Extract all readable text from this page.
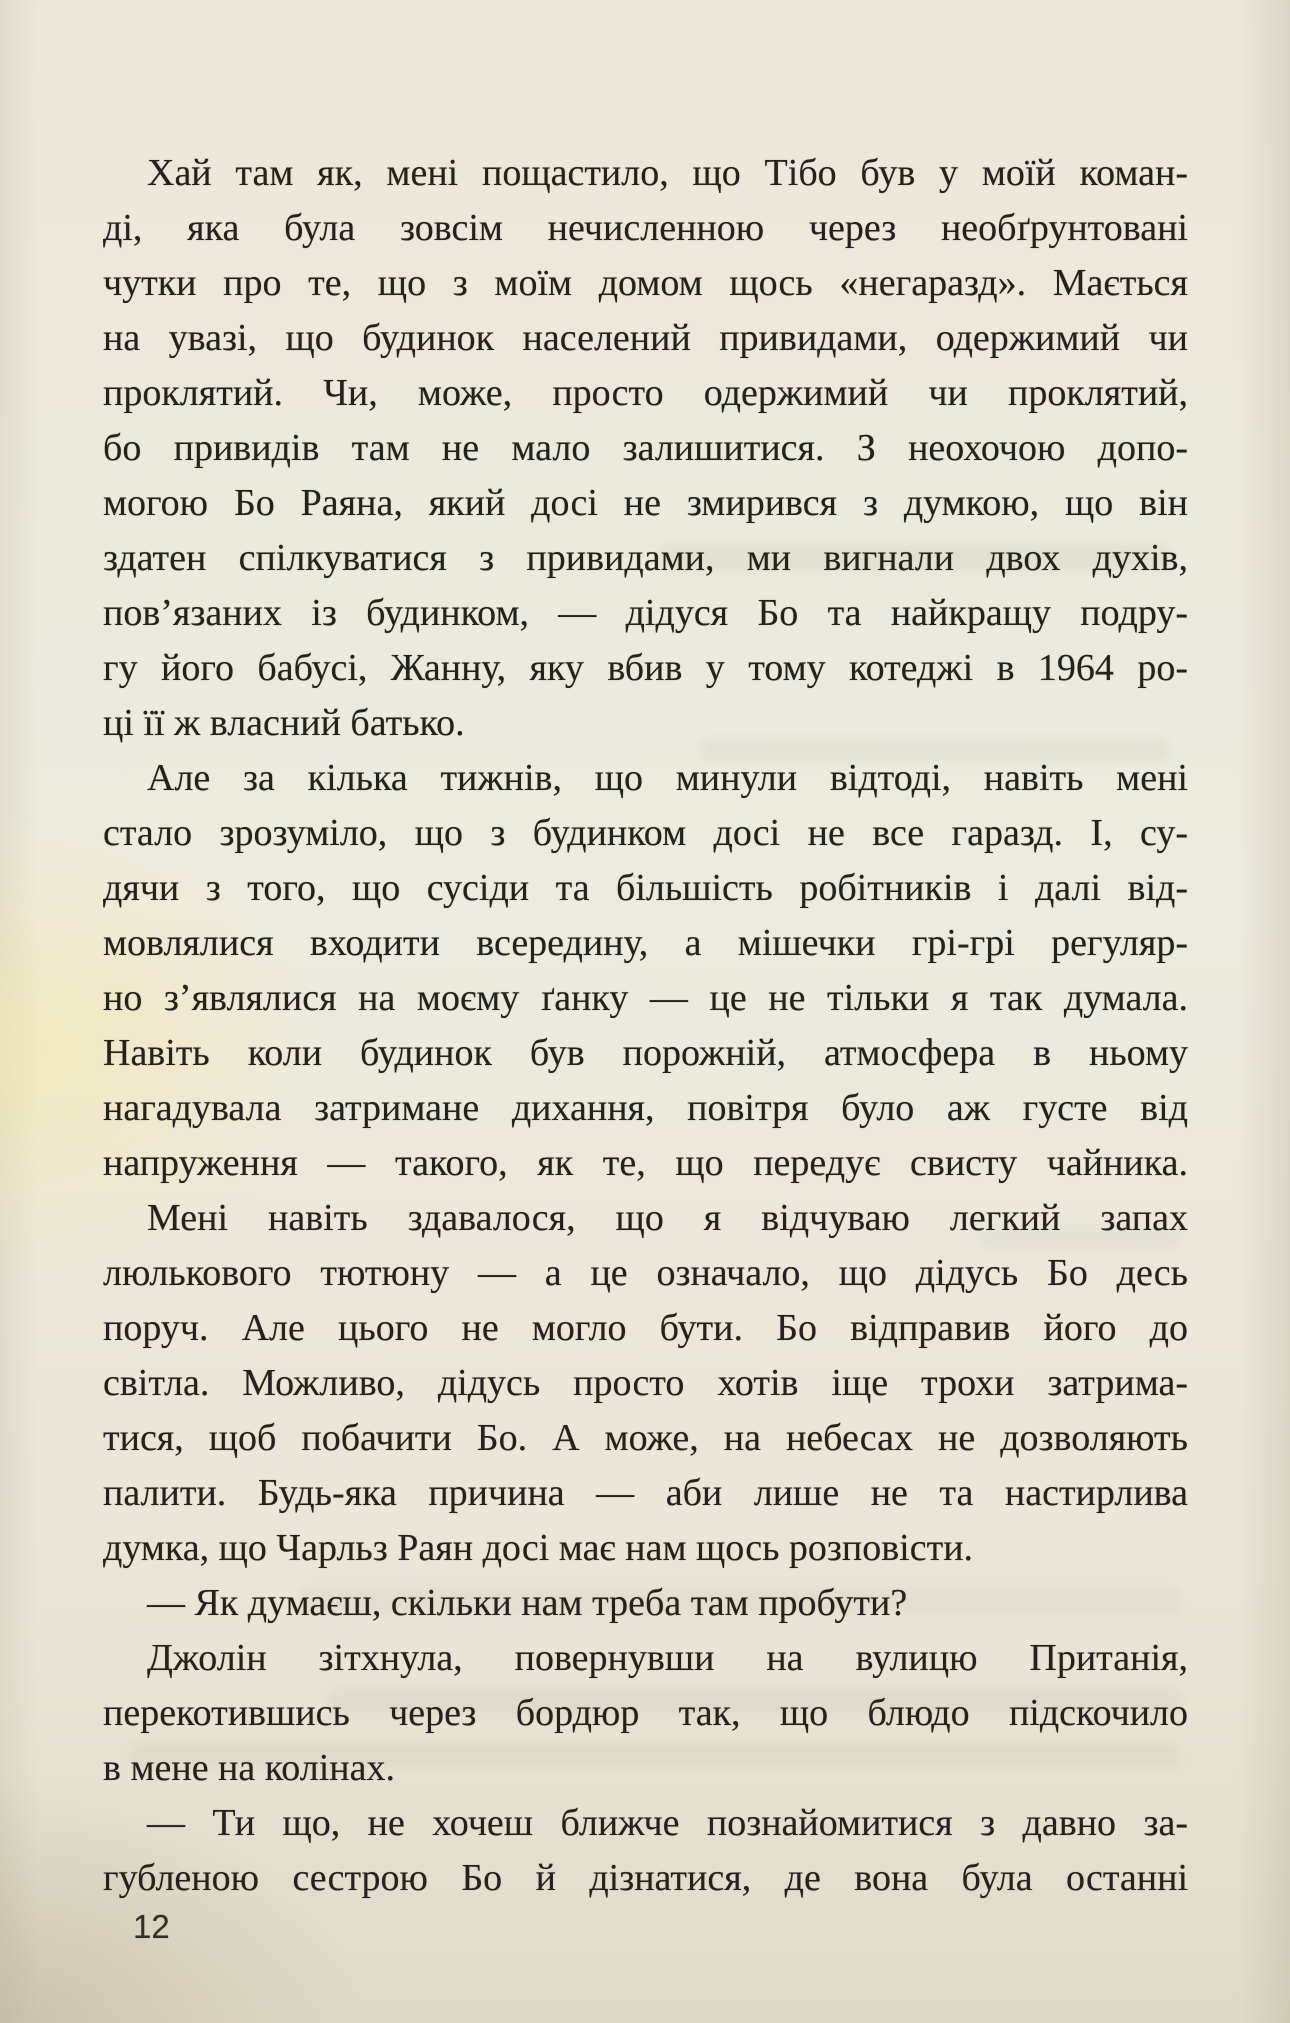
Хай там як, мені пощастило, що Тібо був у моїй коман-
ді, яка була зовсім нечисленною через необґрунтовані
чутки про те, що з моїм домом щось «негаразд». Мається
на увазі, що будинок населений привидами, одержимий чи
проклятий. Чи, може, просто одержимий чи проклятий,
бо привидів там не мало залишитися. З неохочою допо-
могою Бо Раяна, який досі не змирився з думкою, що він
здатен спілкуватися з привидами, ми вигнали двох духів,
пов’язаних із будинком, — дідуся Бо та найкращу подру-
гу його бабусі, Жанну, яку вбив у тому котеджі в 1964 ро-
ці її ж власний батько.
Але за кілька тижнів, що минули відтоді, навіть мені
стало зрозуміло, що з будинком досі не все гаразд. І, су-
дячи з того, що сусіди та більшість робітників і далі від-
мовлялися входити всередину, а мішечки грі-грі регуляр-
но з’являлися на моєму ґанку — це не тільки я так думала.
Навіть коли будинок був порожній, атмосфера в ньому
нагадувала затримане дихання, повітря було аж густе від
напруження — такого, як те, що передує свисту чайника.
Мені навіть здавалося, що я відчуваю легкий запах
люлькового тютюну — а це означало, що дідусь Бо десь
поруч. Але цього не могло бути. Бо відправив його до
світла. Можливо, дідусь просто хотів іще трохи затрима-
тися, щоб побачити Бо. А може, на небесах не дозволяють
палити. Будь-яка причина — аби лише не та настирлива
думка, що Чарльз Раян досі має нам щось розповісти.
— Як думаєш, скільки нам треба там пробути?
Джолін зітхнула, повернувши на вулицю Пританія,
перекотившись через бордюр так, що блюдо підскочило
в мене на колінах.
— Ти що, не хочеш ближче познайомитися з давно за-
губленою сестрою Бо й дізнатися, де вона була останні
12
